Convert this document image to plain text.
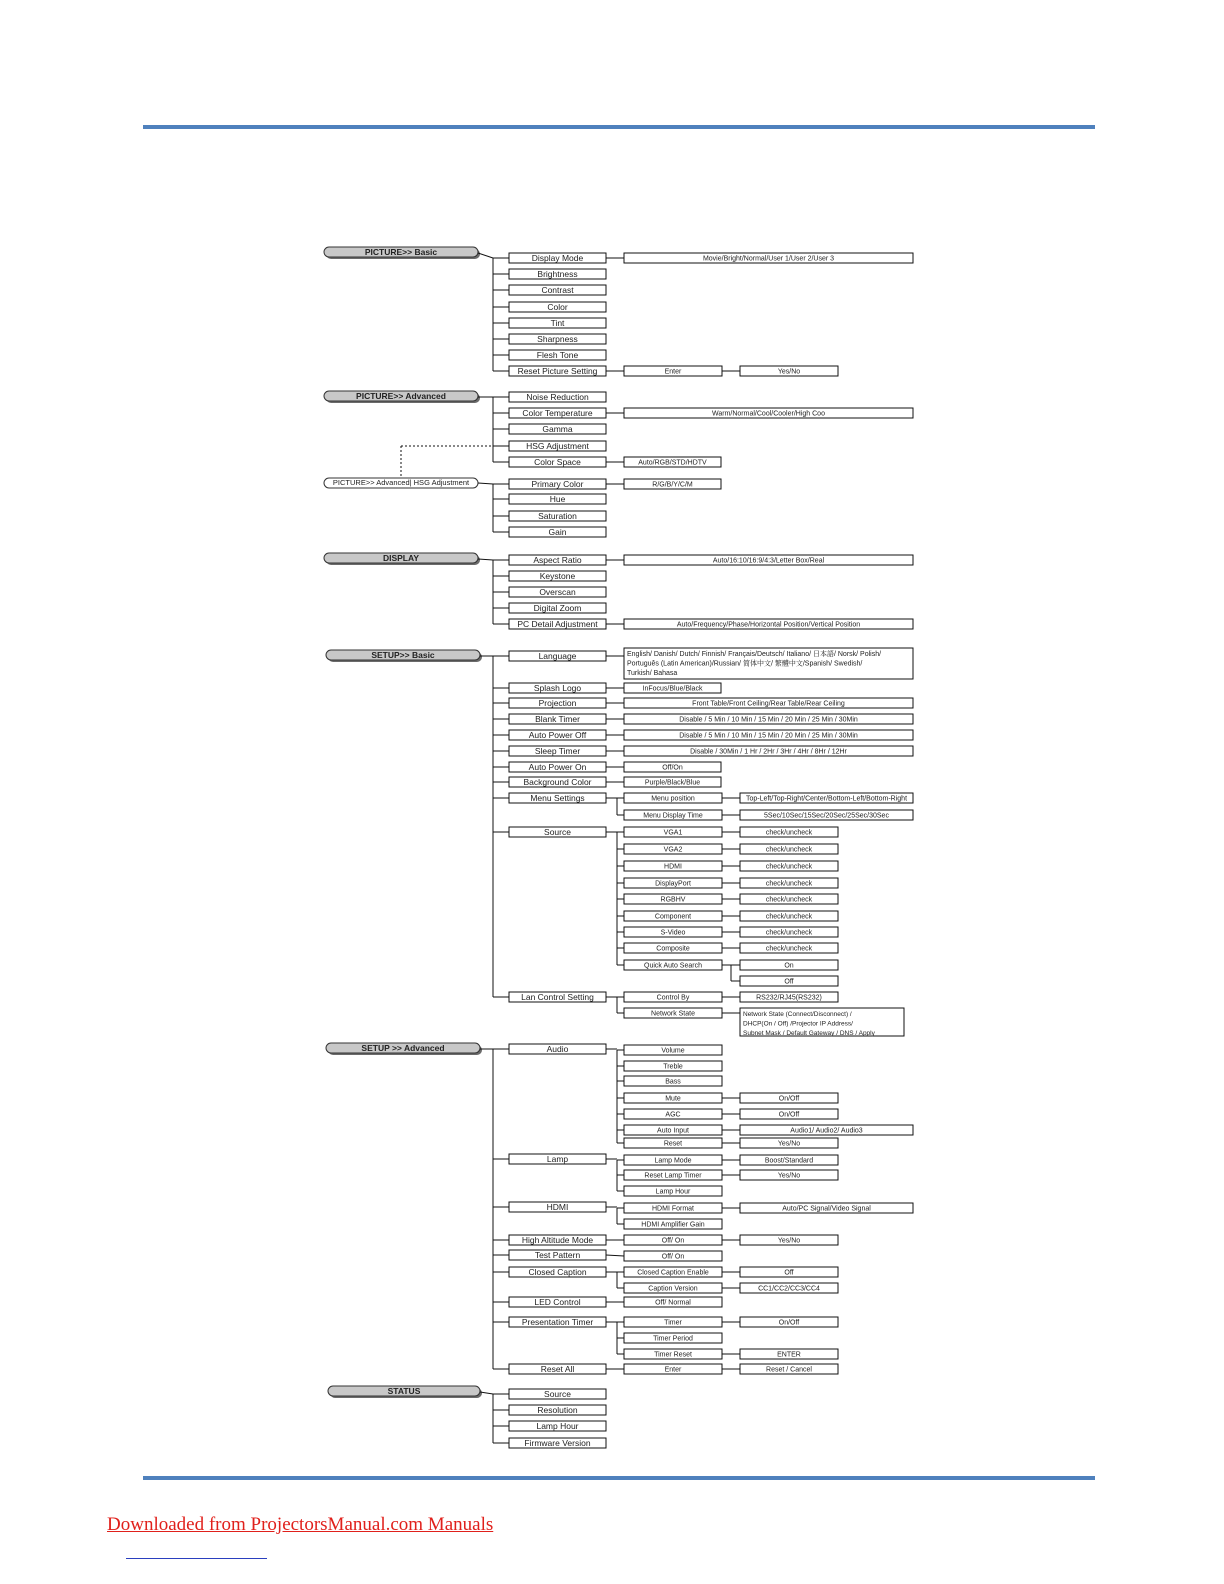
PICTURE>> Basic
Display Mode	Movie/Bright/Normal/User 1/User 2/User 3
Brightness
Contrast
Color
Tint
Sharpness
Flesh Tone
Reset Picture Setting
PICTURE>> Advanced	Noise Reduction
Color Temperature	Warm/Normal/Cool/Cooler/High Coo
Gamma
HSG Adjustment
Color Space	Auto/RGB/STD/HDTV
PICTURE>> Advanced| HSG Adjustment	Primary Color	R/G/B/Y/C/M
Hue
Saturation
Gain
DISPLAY	Aspect Ratio	Auto/16:10/16:9/4:3/Letter Box/Real
Keystone
Overscan
Digital Zoom
PC Detail Adjustment	Auto/Frequency/Phase/Horizontal Position/Vertical Position
SETUP>> Basic	Language	English/ Danish/ Dutch/ Finnish/ Français/Deutsch/ Italiano/ 日本語/ Norsk/ Polish/
Português (Latin American)/Russian/ 简体中文/ 繁體中文/Spanish/ Swedish/
Turkish/ Bahasa
Splash Logo	InFocus/Blue/Black
Projection	Front Table/Front Ceiling/Rear Table/Rear Ceiling
Blank Timer	Disable / 5 Min / 10 Min / 15 Min / 20 Min / 25 Min / 30Min
Auto Power Off	Disable / 5 Min / 10 Min / 15 Min / 20 Min / 25 Min / 30Min
Sleep Timer	Disable / 30Min / 1 Hr / 2Hr / 3Hr / 4Hr / 8Hr / 12Hr
Auto Power On	Off/On
Background Color	Purple/Black/Blue
Menu Settings
Source
Lan Control Setting
SETUP >> Advanced	Audio
Lamp
HDMI
High Altitude Mode
Test Pattern
Closed Caption
LED Control
Presentation Timer
Reset All
STATUS	Source
Resolution
Lamp Hour
Firmware Version
Enter	Yes/No
Menu position	Top-Left/Top-Right/Center/Bottom-Left/Bottom-Right
Menu Display Time	5Sec/10Sec/15Sec/20Sec/25Sec/30Sec
VGA1	check/uncheck
VGA2	check/uncheck
HDMI	check/uncheck
DisplayPort	check/uncheck
RGBHV	check/uncheck
Component	check/uncheck
S-Video	check/uncheck
Composite	check/uncheck
Quick Auto Search	On
Off
Control By	RS232/RJ45(RS232)
Network State	Network State (Connect/Disconnect) /
DHCP(On / Off) /Projector IP Address/
Subnet Mask / Default Gateway / DNS / Apply
Volume
Treble
Bass
Mute	On/Off
AGC	On/Off
Auto Input	Audio1/ Audio2/ Audio3
Reset	Yes/No
Lamp Mode	Boost/Standard
Reset Lamp Timer	Yes/No
Lamp Hour
HDMI Format	Auto/PC Signal/Video Signal
HDMI Amplifier Gain
Off/ On	Yes/No
Off/ On
Closed Caption Enable	Off
Caption Version	CC1/CC2/CC3/CC4
Off/ Normal
Timer	On/Off
Timer Period
Timer Reset	ENTER
Enter	Reset / Cancel
Downloaded from ProjectorsManual.com Manuals
